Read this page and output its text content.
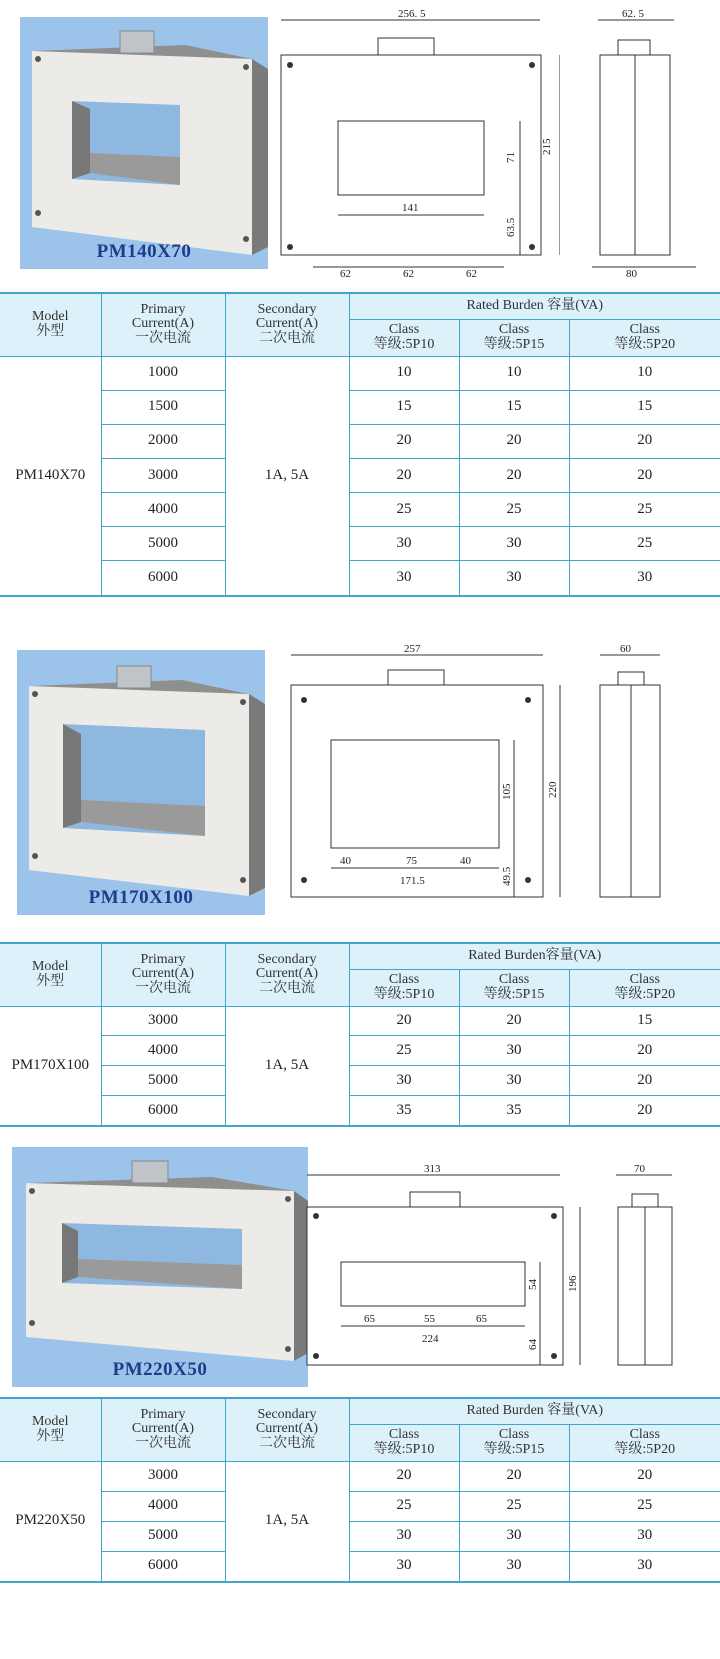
PM140X70
256. 5
215
71
141
63.5
62	62	62
62. 5
80
Model
外型	Primary
Current(A)
一次电流	Secondary
Current(A)
二次电流	Rated Burden 容量(VA)		
			Class
等级:5P10	Class
等级:5P15	Class
等级:5P20
PM140X70	1000	1A, 5A	10	10	10
	1500		15	15	15
	2000		20	20	20
	3000		20	20	20
	4000		25	25	25
	5000		30	30	25
	6000		30	30	30
PM170X100
257
220
105
40	75	40
171.5	49.5
60
Model
外型	Primary
Current(A)
一次电流	Secondary
Current(A)
二次电流	Rated Burden容量(VA)		
			Class
等级:5P10	Class
等级:5P15	Class
等级:5P20
PM170X100	3000	1A, 5A	20	20	15
	4000		25	30	20
	5000		30	30	20
	6000		35	35	20
PM220X50
313
196
54
65	55	65
224	64
70
Model
外型	Primary
Current(A)
一次电流	Secondary
Current(A)
二次电流	Rated Burden 容量(VA)		
			Class
等级:5P10	Class
等级:5P15	Class
等级:5P20
PM220X50	3000	1A, 5A	20	20	20
	4000		25	25	25
	5000		30	30	30
	6000		30	30	30
